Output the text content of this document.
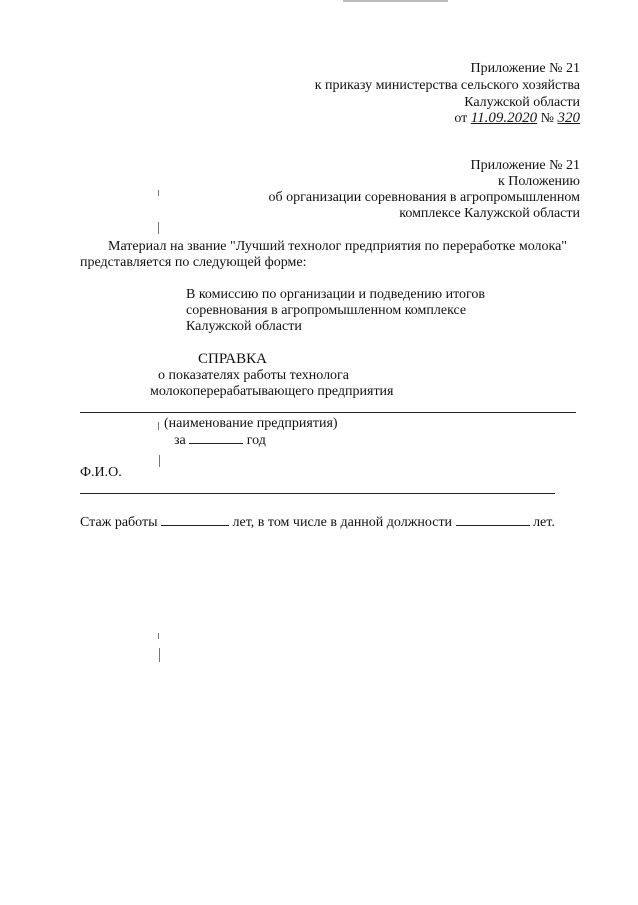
Приложение № 21
к приказу министерства сельского хозяйства
Калужской области
от 11.09.2020 № 320
Приложение № 21
к Положению
об организации соревнования в агропромышленном
комплексе Калужской области
Материал на звание "Лучший технолог предприятия по переработке молока"
представляется по следующей форме:
В комиссию по организации и подведению итогов
соревнования в агропромышленном комплексе
Калужской области
СПРАВКА
о показателях работы технолога
молокоперерабатывающего предприятия
(наименование предприятия)
за	год
Ф.И.О.
Стаж работы	лет, в том числе в данной должности	лет.
